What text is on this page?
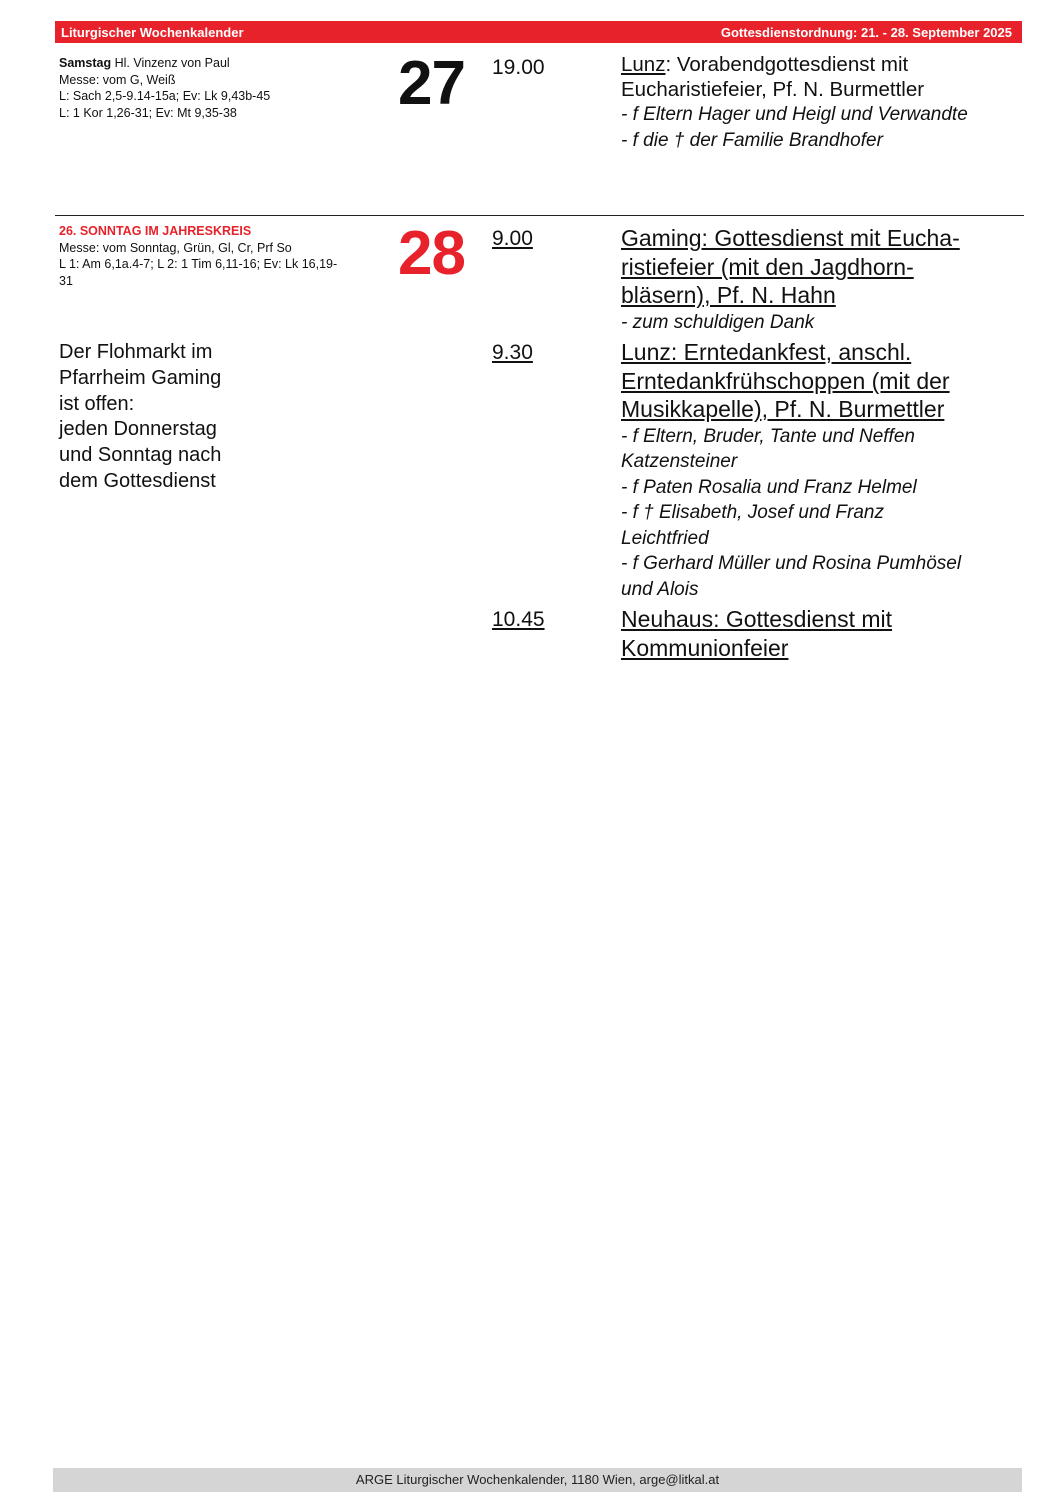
Liturgischer Wochenkalender	Gottesdienstordnung: 21. - 28. September 2025
Samstag Hl. Vinzenz von Paul
Messe: vom G, Weiß
L: Sach 2,5-9.14-15a; Ev: Lk 9,43b-45
L: 1 Kor 1,26-31; Ev: Mt 9,35-38	27 19.00	Lunz: Vorabendgottesdienst mit
Eucharistiefeier, Pf. N. Burmettler
- f Eltern Hager und Heigl und Verwandte
- f die † der Familie Brandhofer
26. SONNTAG IM JAHRESKREIS
Messe: vom Sonntag, Grün, Gl, Cr, Prf So
L 1: Am 6,1a.4-7; L 2: 1 Tim 6,11-16; Ev: Lk 16,19-
31	28 9.00	Gaming: Gottesdienst mit Eucha-
ristiefeier (mit den Jagdhorn-
bläsern), Pf. N. Hahn
- zum schuldigen Dank
9.30	Lunz: Erntedankfest, anschl.
Erntedankfrühschoppen (mit der
Musikkapelle), Pf. N. Burmettler
- f Eltern, Bruder, Tante und Neffen
Katzensteiner
- f Paten Rosalia und Franz Helmel
- f † Elisabeth, Josef und Franz
Leichtfried
- f Gerhard Müller und Rosina Pumhösel
und Alois
10.45	Neuhaus: Gottesdienst mit
Kommunionfeier
Der Flohmarkt im
Pfarrheim Gaming
ist offen:
jeden Donnerstag
und Sonntag nach
dem Gottesdienst
ARGE Liturgischer Wochenkalender, 1180 Wien, arge@litkal.at
